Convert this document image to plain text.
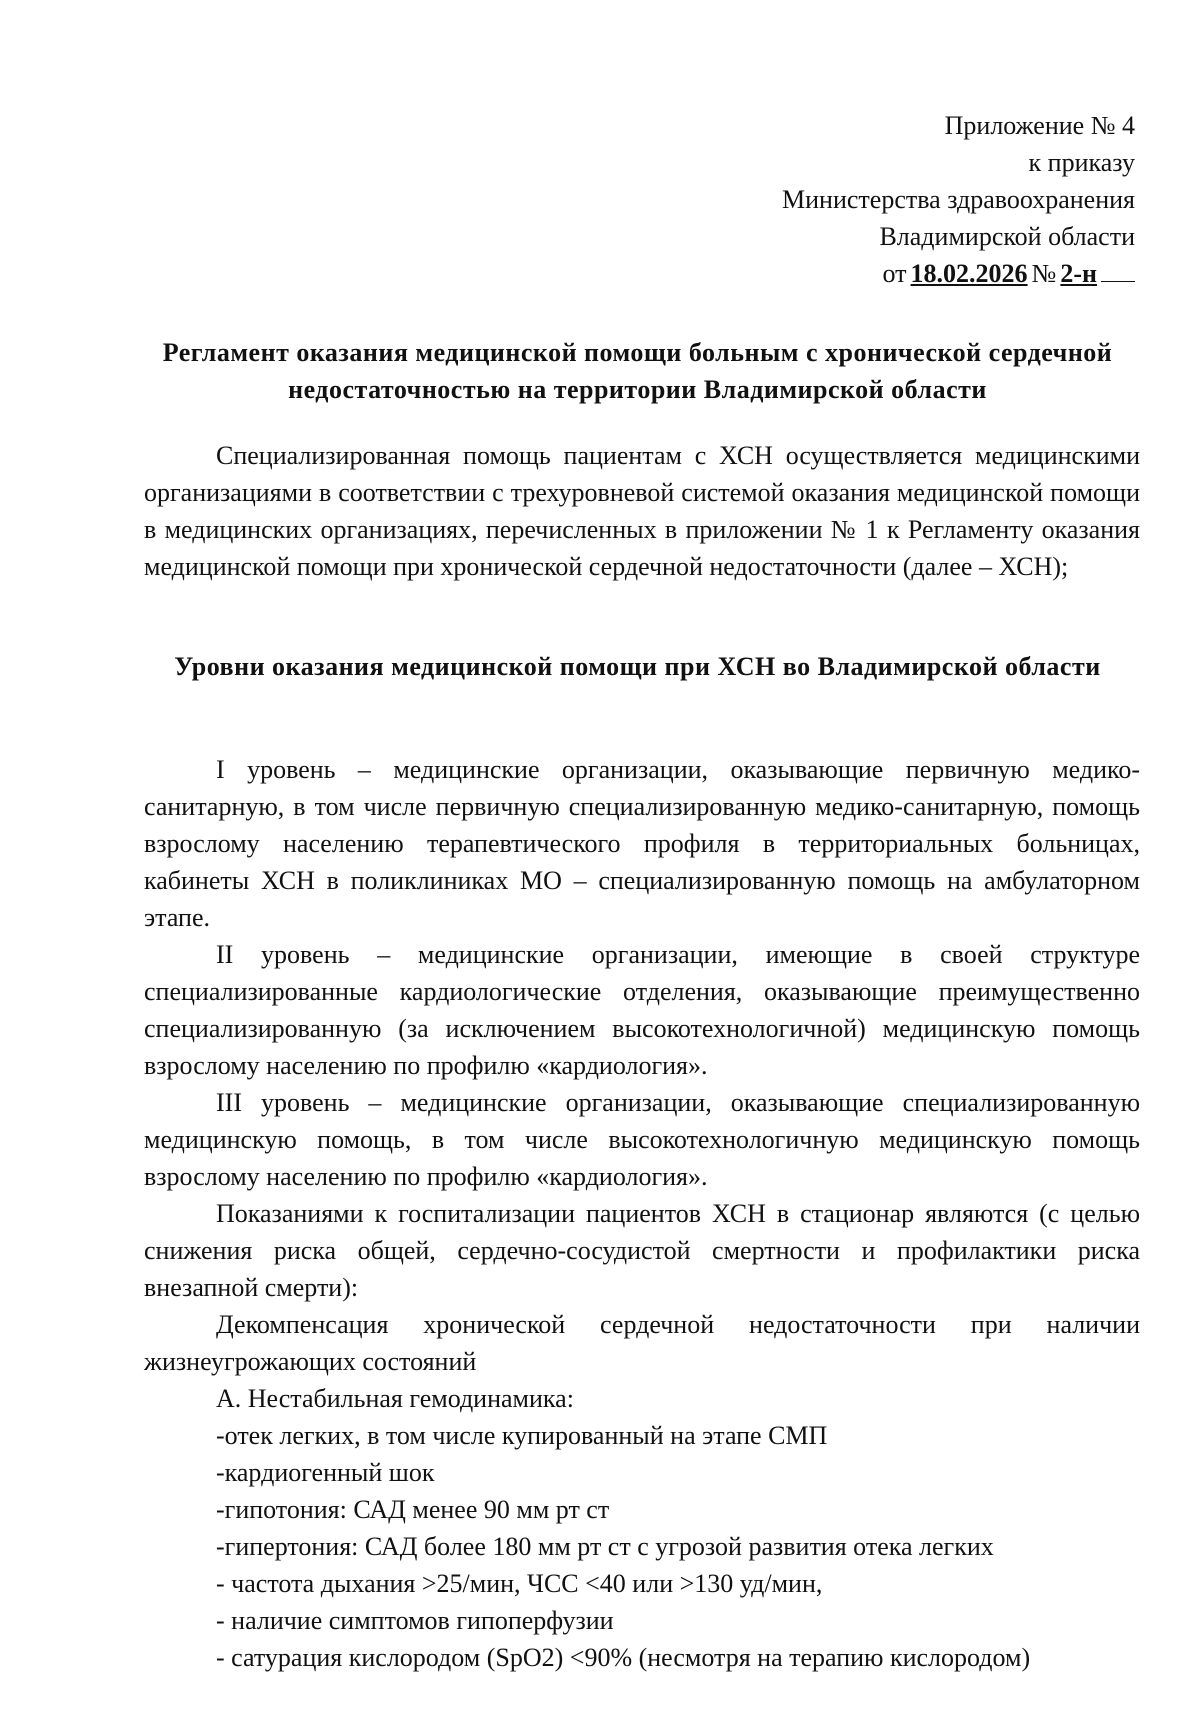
Приложение № 4
к приказу
Министерства здравоохранения
Владимирской области
от 18.02.2026 № 2-н
Регламент оказания медицинской помощи больным с хронической сердечной недостаточностью на территории Владимирской области

Специализированная помощь пациентам с ХСН осуществляется медицинскими организациями в соответствии с трехуровневой системой оказания медицинской помощи в медицинских организациях, перечисленных в приложении № 1 к Регламенту оказания медицинской помощи при хронической сердечной недостаточности (далее – ХСН);

Уровни оказания медицинской помощи при ХСН во Владимирской области

I уровень – медицинские организации, оказывающие первичную медико-санитарную, в том числе первичную специализированную медико-санитарную, помощь взрослому населению терапевтического профиля в территориальных больницах, кабинеты ХСН в поликлиниках МО – специализированную помощь на амбулаторном этапе.

II уровень – медицинские организации, имеющие в своей структуре специализированные кардиологические отделения, оказывающие преимущественно специализированную (за исключением высокотехнологичной) медицинскую помощь взрослому населению по профилю «кардиология».

III уровень – медицинские организации, оказывающие специализированную медицинскую помощь, в том числе высокотехнологичную медицинскую помощь взрослому населению по профилю «кардиология».

Показаниями к госпитализации пациентов ХСН в стационар являются (с целью снижения риска общей, сердечно-сосудистой смертности и профилактики риска внезапной смерти):

Декомпенсация хронической сердечной недостаточности при наличии жизнеугрожающих состояний

А. Нестабильная гемодинамика:

-отек легких, в том числе купированный на этапе СМП

-кардиогенный шок

-гипотония: САД менее 90 мм рт ст

-гипертония: САД более 180 мм рт ст с угрозой развития отека легких

- частота дыхания >25/мин, ЧСС <40 или >130 уд/мин,

- наличие симптомов гипоперфузии

- сатурация кислородом (SpO2) <90% (несмотря на терапию кислородом)
